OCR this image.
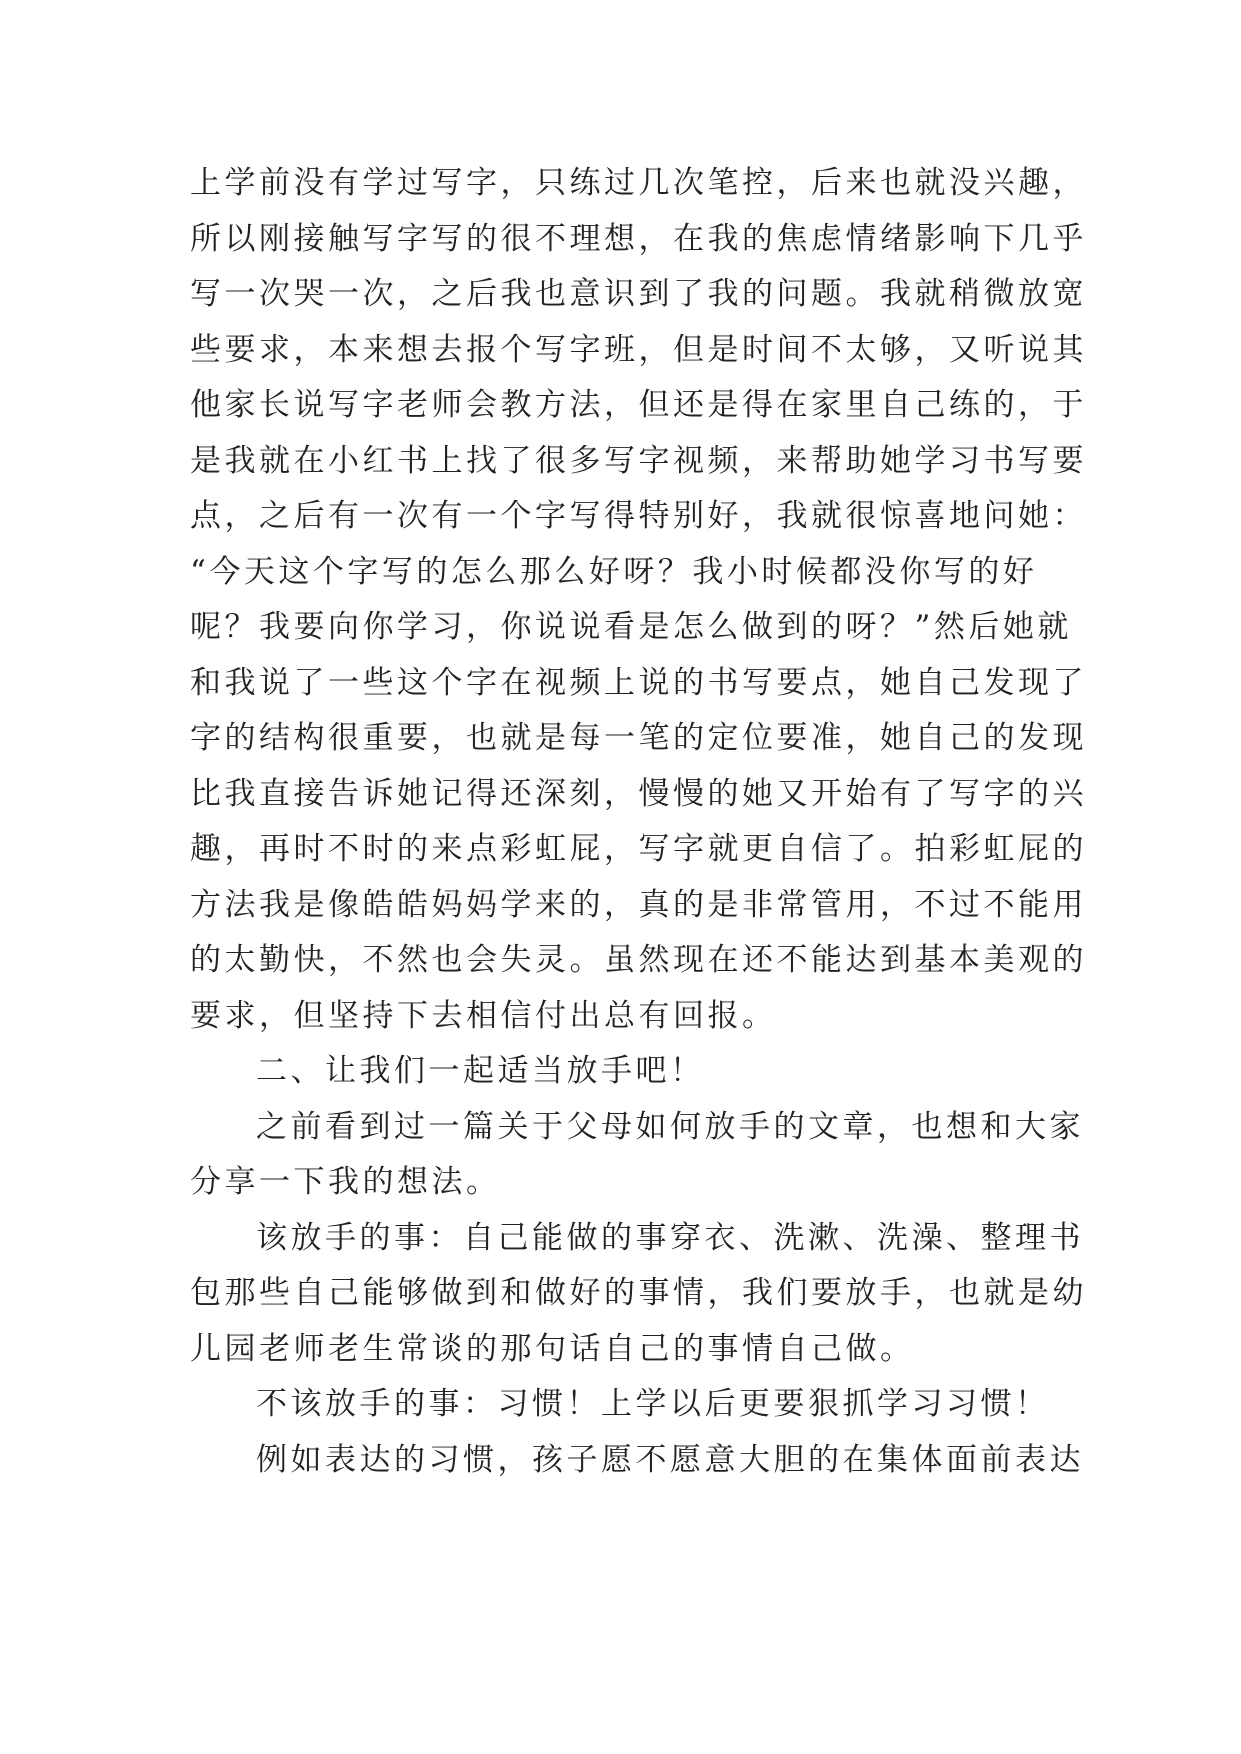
上学前没有学过写字，只练过几次笔控，后来也就没兴趣，
所以刚接触写字写的很不理想，在我的焦虑情绪影响下几乎
写一次哭一次，之后我也意识到了我的问题。我就稍微放宽
些要求，本来想去报个写字班，但是时间不太够，又听说其
他家长说写字老师会教方法，但还是得在家里自己练的，于
是我就在小红书上找了很多写字视频，来帮助她学习书写要
点，之后有一次有一个字写得特别好，我就很惊喜地问她：
“今天这个字写的怎么那么好呀？我小时候都没你写的好
呢？我要向你学习，你说说看是怎么做到的呀？”然后她就
和我说了一些这个字在视频上说的书写要点，她自己发现了
字的结构很重要，也就是每一笔的定位要准，她自己的发现
比我直接告诉她记得还深刻，慢慢的她又开始有了写字的兴
趣，再时不时的来点彩虹屁，写字就更自信了。拍彩虹屁的
方法我是像皓皓妈妈学来的，真的是非常管用，不过不能用
的太勤快，不然也会失灵。虽然现在还不能达到基本美观的
要求，但坚持下去相信付出总有回报。
二、让我们一起适当放手吧！
之前看到过一篇关于父母如何放手的文章，也想和大家
分享一下我的想法。
该放手的事：自己能做的事穿衣、洗漱、洗澡、整理书
包那些自己能够做到和做好的事情，我们要放手，也就是幼
儿园老师老生常谈的那句话自己的事情自己做。
不该放手的事：习惯！上学以后更要狠抓学习习惯！
例如表达的习惯，孩子愿不愿意大胆的在集体面前表达
